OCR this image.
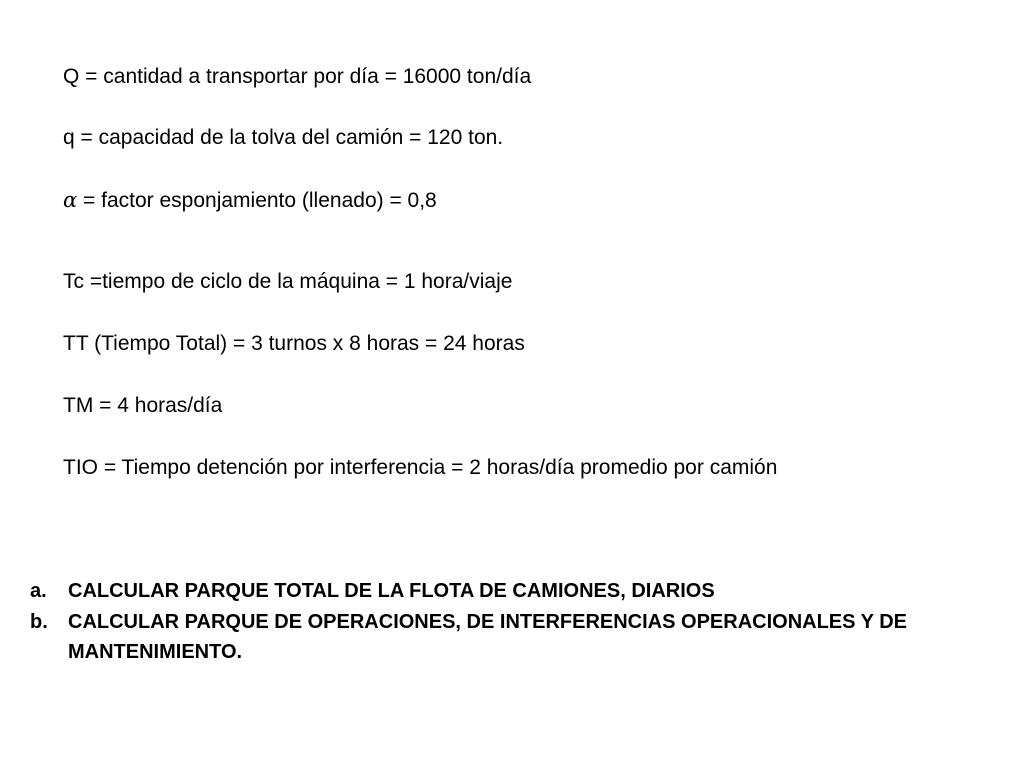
Q = cantidad a transportar por día = 16000 ton/día
q = capacidad de la tolva del camión = 120 ton.
𝛼 = factor esponjamiento (llenado) = 0,8
Tc =tiempo de ciclo de la máquina = 1 hora/viaje
TT (Tiempo Total) = 3 turnos x 8 horas = 24 horas
TM = 4 horas/día
TIO = Tiempo detención por interferencia = 2 horas/día promedio por camión
a. CALCULAR PARQUE TOTAL DE LA FLOTA DE CAMIONES, DIARIOS
b. CALCULAR PARQUE DE OPERACIONES, DE INTERFERENCIAS OPERACIONALES Y DE MANTENIMIENTO.
